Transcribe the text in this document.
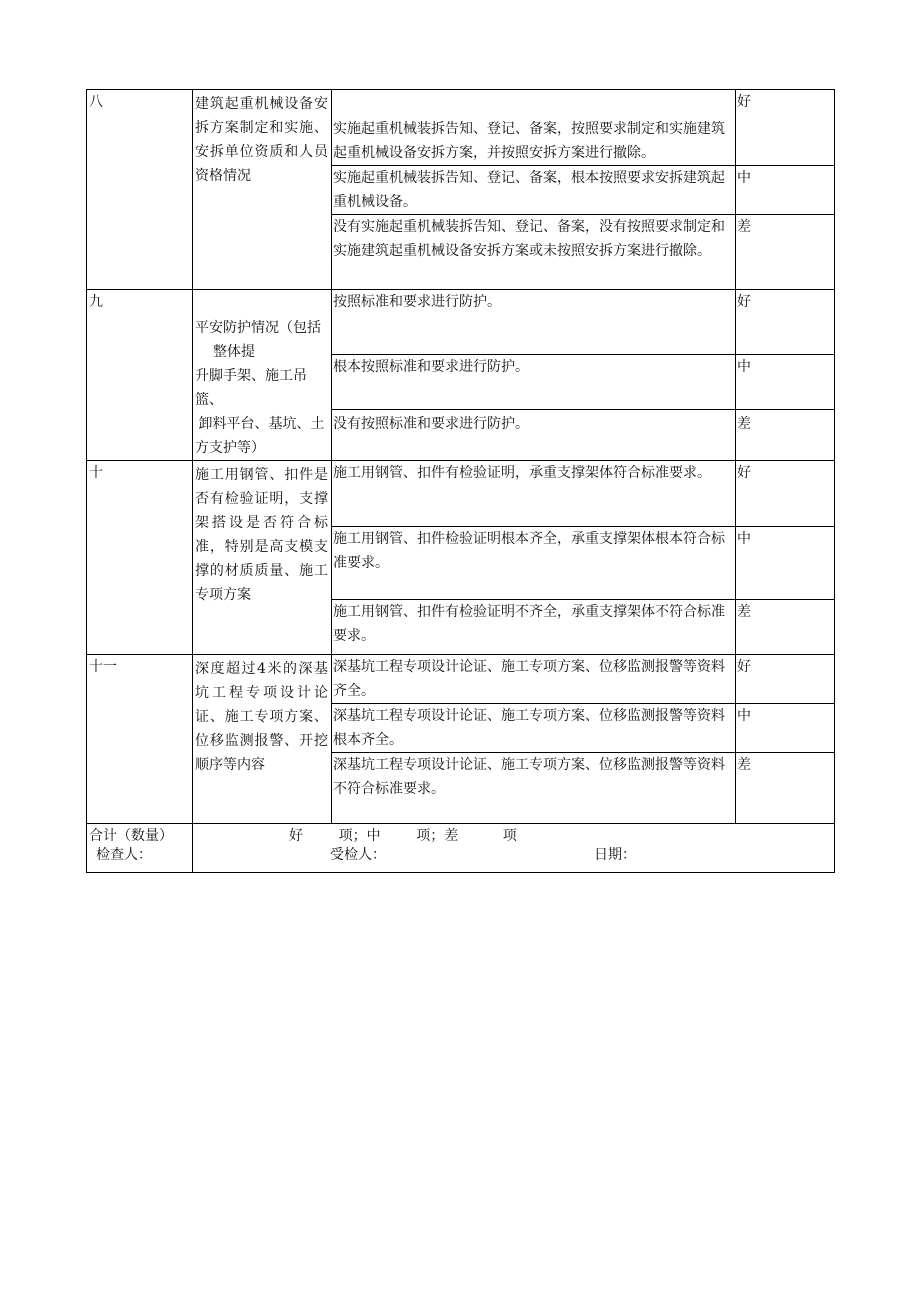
八	建筑起重机械设备安拆方案制定和实施、安拆单位资质和人员资格情况	实施起重机械装拆告知、登记、备案，按照要求制定和实施建筑起重机械设备安拆方案，并按照安拆方案进行撤除。	好
		实施起重机械装拆告知、登记、备案，根本按照要求安拆建筑起重机械设备。	中
		没有实施起重机械装拆告知、登记、备案，没有按照要求制定和实施建筑起重机械设备安拆方案或未按照安拆方案进行撤除。	差
九	平安防护情况（包括
整体提
升脚手架、施工吊篮、
卸料平台、基坑、土
方支护等）	按照标准和要求进行防护。	好
		根本按照标准和要求进行防护。	中

		没有按照标准和要求进行防护。	差

十	施工用钢管、扣件是否有检验证明，支撑架搭设是否符合标准，特别是高支模支撑的材质质量、施工专项方案	施工用钢管、扣件有检验证明，承重支撑架体符合标准要求。	好
		施工用钢管、扣件检验证明根本齐全，承重支撑架体根本符合标准要求。	中
		施工用钢管、扣件有检验证明不齐全，承重支撑架体不符合标准要求。	差
十一	深度超过4米的深基坑工程专项设计论证、施工专项方案、位移监测报警、开挖顺序等内容	深基坑工程专项设计论证、施工专项方案、位移监测报警等资料齐全。	好
		深基坑工程专项设计论证、施工专项方案、位移监测报警等资料根本齐全。	中
		深基坑工程专项设计论证、施工专项方案、位移监测报警等资料不符合标准要求。	差
合计（数量）	好        项；中        项；差          项		
检查人：	受检人：	日期：
